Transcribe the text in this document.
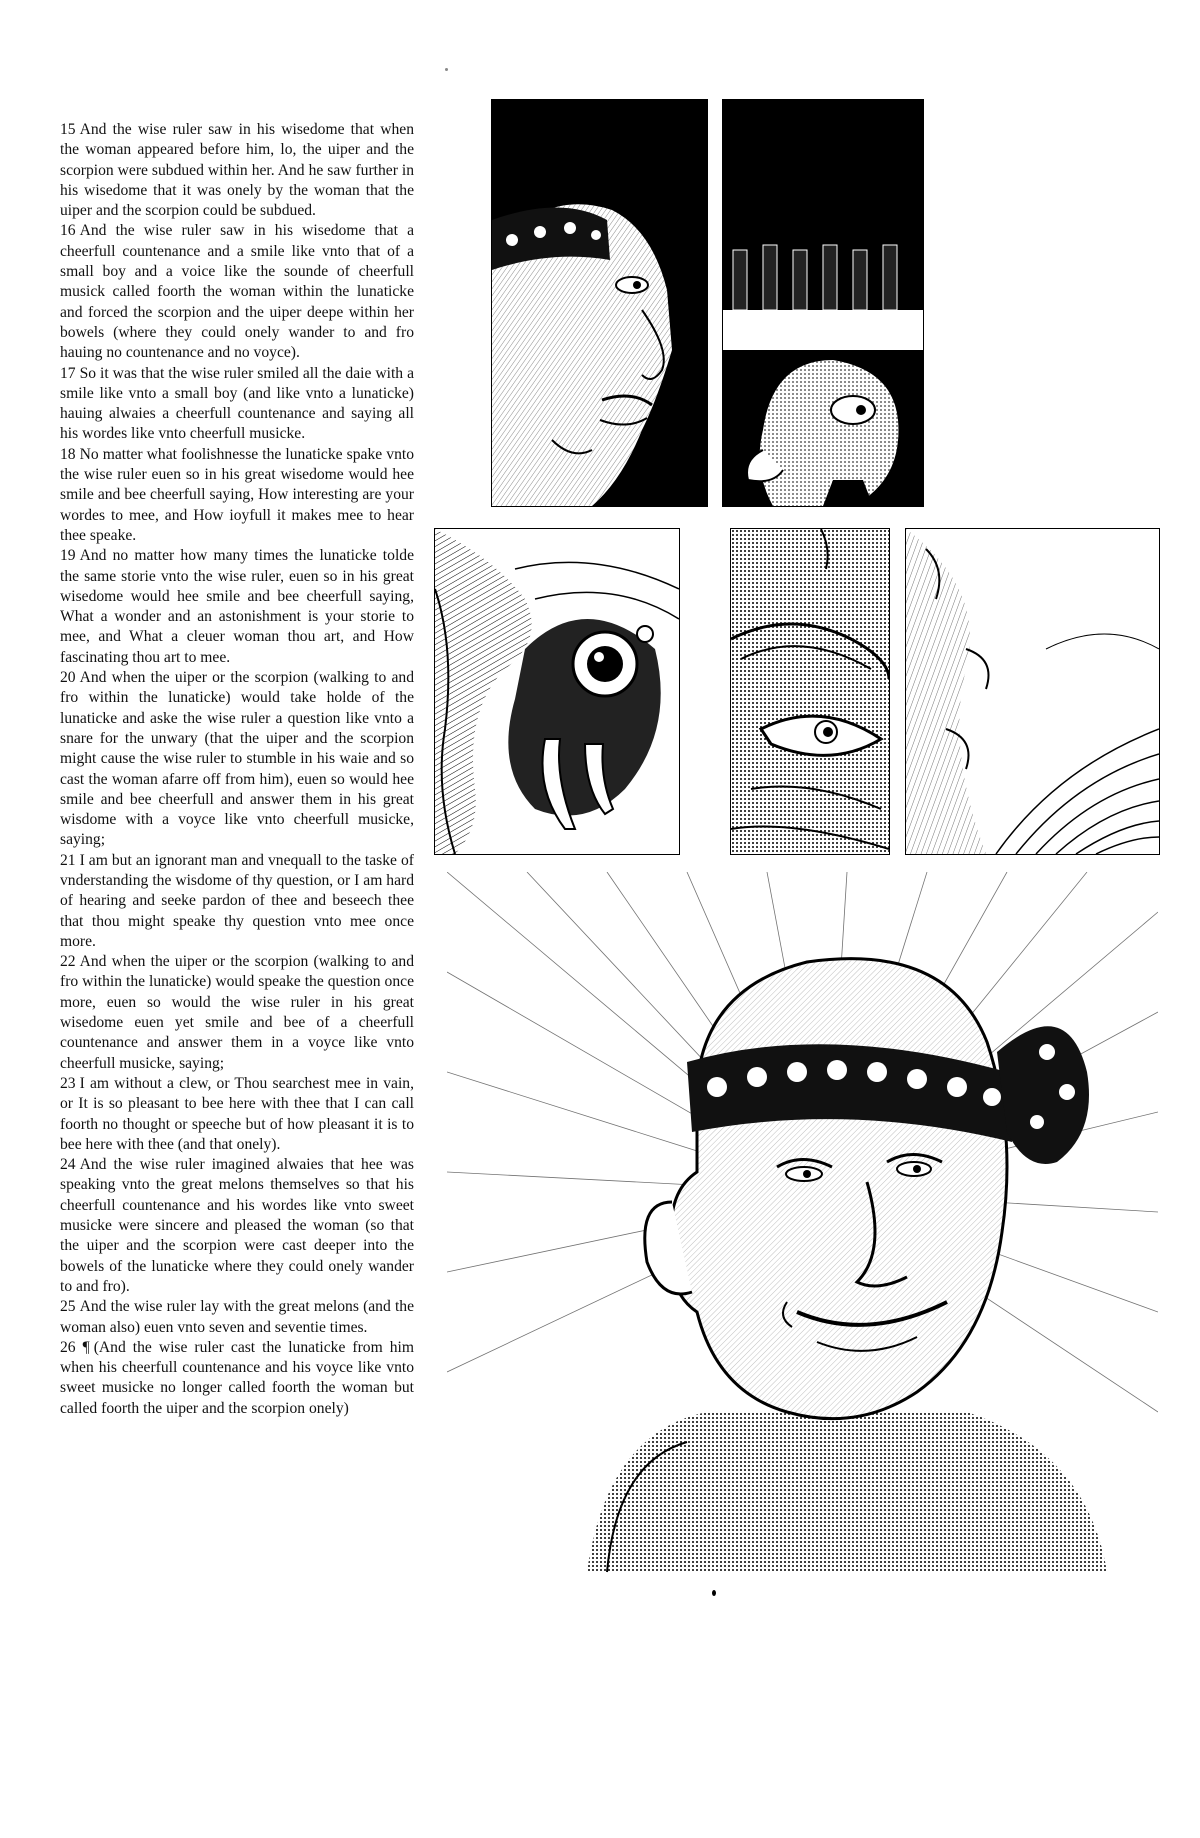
15 And the wise ruler saw in his wisedome that when the woman appeared before him, lo, the uiper and the scorpion were subdued within her. And he saw further in his wisedome that it was onely by the woman that the uiper and the scorpion could be subdued.

16 And the wise ruler saw in his wisedome that a cheerfull countenance and a smile like vnto that of a small boy and a voice like the sounde of cheerfull musick called foorth the woman within the lunaticke and forced the scorpion and the uiper deepe within her bowels (where they could onely wander to and fro hauing no countenance and no voyce).

17 So it was that the wise ruler smiled all the daie with a smile like vnto a small boy (and like vnto a lunaticke) hauing alwaies a cheerfull countenance and saying all his wordes like vnto cheerfull musicke.

18 No matter what foolishnesse the lunaticke spake vnto the wise ruler euen so in his great wisedome would hee smile and bee cheerfull saying, How interesting are your wordes to mee, and How ioyfull it makes mee to hear thee speake.

19 And no matter how many times the lunaticke tolde the same storie vnto the wise ruler, euen so in his great wisedome would hee smile and bee cheerfull saying, What a wonder and an astonishment is your storie to mee, and What a cleuer woman thou art, and How fascinating thou art to mee.

20 And when the uiper or the scorpion (walking to and fro within the lunaticke) would take holde of the lunaticke and aske the wise ruler a question like vnto a snare for the unwary (that the uiper and the scorpion might cause the wise ruler to stumble in his waie and so cast the woman afarre off from him), euen so would hee smile and bee cheerfull and answer them in his great wisdome with a voyce like vnto cheerfull musicke, saying;

21 I am but an ignorant man and vnequall to the taske of vnderstanding the wisdome of thy question, or I am hard of hearing and seeke pardon of thee and beseech thee that thou might speake thy question vnto mee once more.

22 And when the uiper or the scorpion (walking to and fro within the lunaticke) would speake the question once more, euen so would the wise ruler in his great wisedome euen yet smile and bee of a cheerfull countenance and answer them in a voyce like vnto cheerfull musicke, saying;

23 I am without a clew, or Thou searchest mee in vain, or It is so pleasant to bee here with thee that I can call foorth no thought or speeche but of how pleasant it is to bee here with thee (and that onely).

24 And the wise ruler imagined alwaies that hee was speaking vnto the great melons themselves so that his cheerfull countenance and his wordes like vnto sweet musicke were sincere and pleased the woman (so that the uiper and the scorpion were cast deeper into the bowels of the lunaticke where they could onely wander to and fro).

25 And the wise ruler lay with the great melons (and the woman also) euen vnto seven and seventie times.

26 ¶ (And the wise ruler cast the lunaticke from him when his cheerfull countenance and his voyce like vnto sweet musicke no longer called foorth the woman but called foorth the uiper and the scorpion onely)
